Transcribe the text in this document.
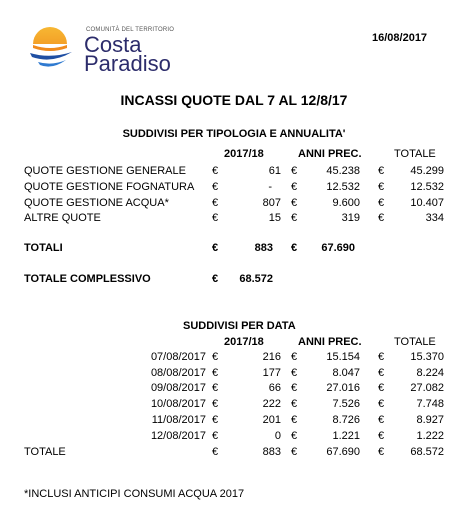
COMUNITÀ DEL TERRITORIO
Costa
Paradiso
16/08/2017
INCASSI QUOTE DAL 7 AL 12/8/17
SUDDIVISI PER TIPOLOGIA E ANNUALITA'
2017/18	ANNI PREC.	TOTALE
QUOTE GESTIONE GENERALE €	61 €	45.238 €	45.299
QUOTE GESTIONE FOGNATURA €	- €	12.532 €	12.532
QUOTE GESTIONE ACQUA*	€	807 €	9.600 €	10.407
ALTRE QUOTE	€	15 €	319 €	334
TOTALI	€	883 €	67.690
TOTALE COMPLESSIVO	€	68.572
SUDDIVISI PER DATA
2017/18	ANNI PREC.	TOTALE
07/08/2017 €	216 €	15.154 €	15.370
08/08/2017 €	177 €	8.047 €	8.224
09/08/2017 €	66 €	27.016 €	27.082
10/08/2017 €	222 €	7.526 €	7.748
11/08/2017 €	201 €	8.726 €	8.927
12/08/2017 €	0 €	1.221 €	1.222
TOTALE	€	883 €	67.690 €	68.572
*INCLUSI ANTICIPI CONSUMI ACQUA 2017
